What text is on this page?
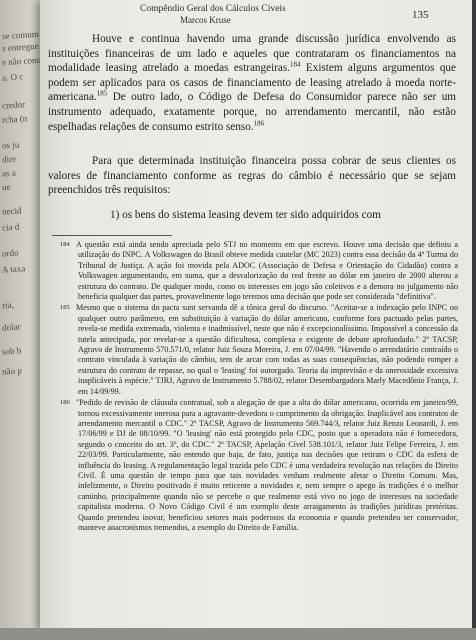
se comum
s entregue
e não cons
a. O c
credor
rcha (n
os ju
dire
as a
ue
necid
cia d
ordo
A taxa
ria,
dolar
sob b
não p
Compêndio Geral dos Cálculos Cíveis
Marcos Kruse	135

Houve e continua havendo uma grande discussão jurídica envolvendo as instituições financeiras de um lado e aqueles que contrataram os financiamentos na modalidade leasing atrelado a moedas estrangeiras.$^{184}$ Existem alguns argumentos que podem ser aplicados para os casos de financiamento de leasing atrelado à moeda norte-americana.$^{185}$ De outro lado, o Código de Defesa do Consumidor parece não ser um instrumento adequado, exatamente porque, no arrendamento mercantil, não estão espelhadas relações de consumo estrito senso.$^{186}$

Para que determinada instituição financeira possa cobrar de seus clientes os valores de financiamento conforme as regras do câmbio é necessário que se sejam preenchidos três requisitos:

1) os bens do sistema leasing devem ter sido adquiridos com

184 A questão está ainda sendo apreciada pelo STJ no momento em que escrevo. Houve uma decisão que definiu a utilização do INPC. A Volkswagen do Brasil obteve medida cautelar (MC 2023) contra essa decisão da 4ª Turma do Tribunal de Justiça. A ação foi movida pela ADOC (Associação de Defesa e Orientação do Cidadão) contra a Volkswagen argumentando, em suma, que a desvalorização do real frente ao dólar em janeiro de 2000 alterou a estrutura do contrato. De qualquer modo, como os interesses em jogo são coletivos e a demora no julgamento não beneficia qualquer das partes, provavelmente logo teremos uma decisão que pode ser considerada "definitiva".

185 Mesmo que o sistema do pacta sunt servanda dê a tônica geral do discurso. "Aceitar-se a indexação pelo INPC ou qualquer outro parâmetro, em substituição à variação do dólar americano, conforme fora pactuado pelas partes, revela-se medida extremada, violenta e inadmissível, neste que não é excepcionalíssimo. Impossível a concessão da tutela antecipada, por revelar-se a questão dificultosa, complexa e exigente de debate aprofundado." 2º TACSP, Agravo de Instrumento 570.571/0, relator Juiz Souza Moreira, J. em 07/04/99. "Havendo o arrendatário contraído o contrato vinculada à variação do câmbio, tem de arcar com todas as suas consequências, não podendo romper a estrutura do contrato de repasse, no qual o 'leasing' foi outorgado. Teoria da imprevisão e da onerosidade excessiva inaplicáveis à espécie." TJRJ, Agravo de Instrumento 5.788/02, relator Desembargadora Marly Macedônio França, J. em 14/09/99.

186 "Pedido de revisão de cláusula contratual, sob a alegação de que a alta do dólar americano, ocorrida em janeiro/99, tornou excessivamente onerosa para a agravante-devedora o cumprimento da obrigação. Inaplicável aos contratos de arrendamento mercantil o CDC." 2º TACSP, Agravo de Instrumento 569.744/3, relator Juiz Renzo Leonardi, J. em 17/06/99 e DJ de 08/10/99. "O 'leasing' não está protegido pelo CDC, posto que a operadora não é fornecedora, segundo o conceito do art. 3º, do CDC." 2º TACSP, Apelação Cível 538.101/3, relator Juiz Felipe Ferreira, J. em 22/03/99. Particularmente, não entendo que haja, de fato, justiça nas decisões que retiram o CDC da esfera de influência do leasing. A regulamentação legal trazida pelo CDC é uma verdadeira revolução nas relações do Direito Civil. É uma questão de tempo para que tais novidades venham realmente afetar o Direito Comum. Mas, infelizmente, o Direito positivado é muito reticente a novidades e, nem sempre o apego às tradições é o melhor caminho, principalmente quando não se percebe o que realmente está vivo no jogo de interesses na sociedade capitalista moderna. O Novo Código Civil é um exemplo deste arraigamento às tradições jurídicas pretéritas. Quando pretendeu inovar, beneficiou setores mais poderosos da economia e quando pretendeu ser conservador, manteve anacronismos tremendos, a exemplo do Direito de Família.
